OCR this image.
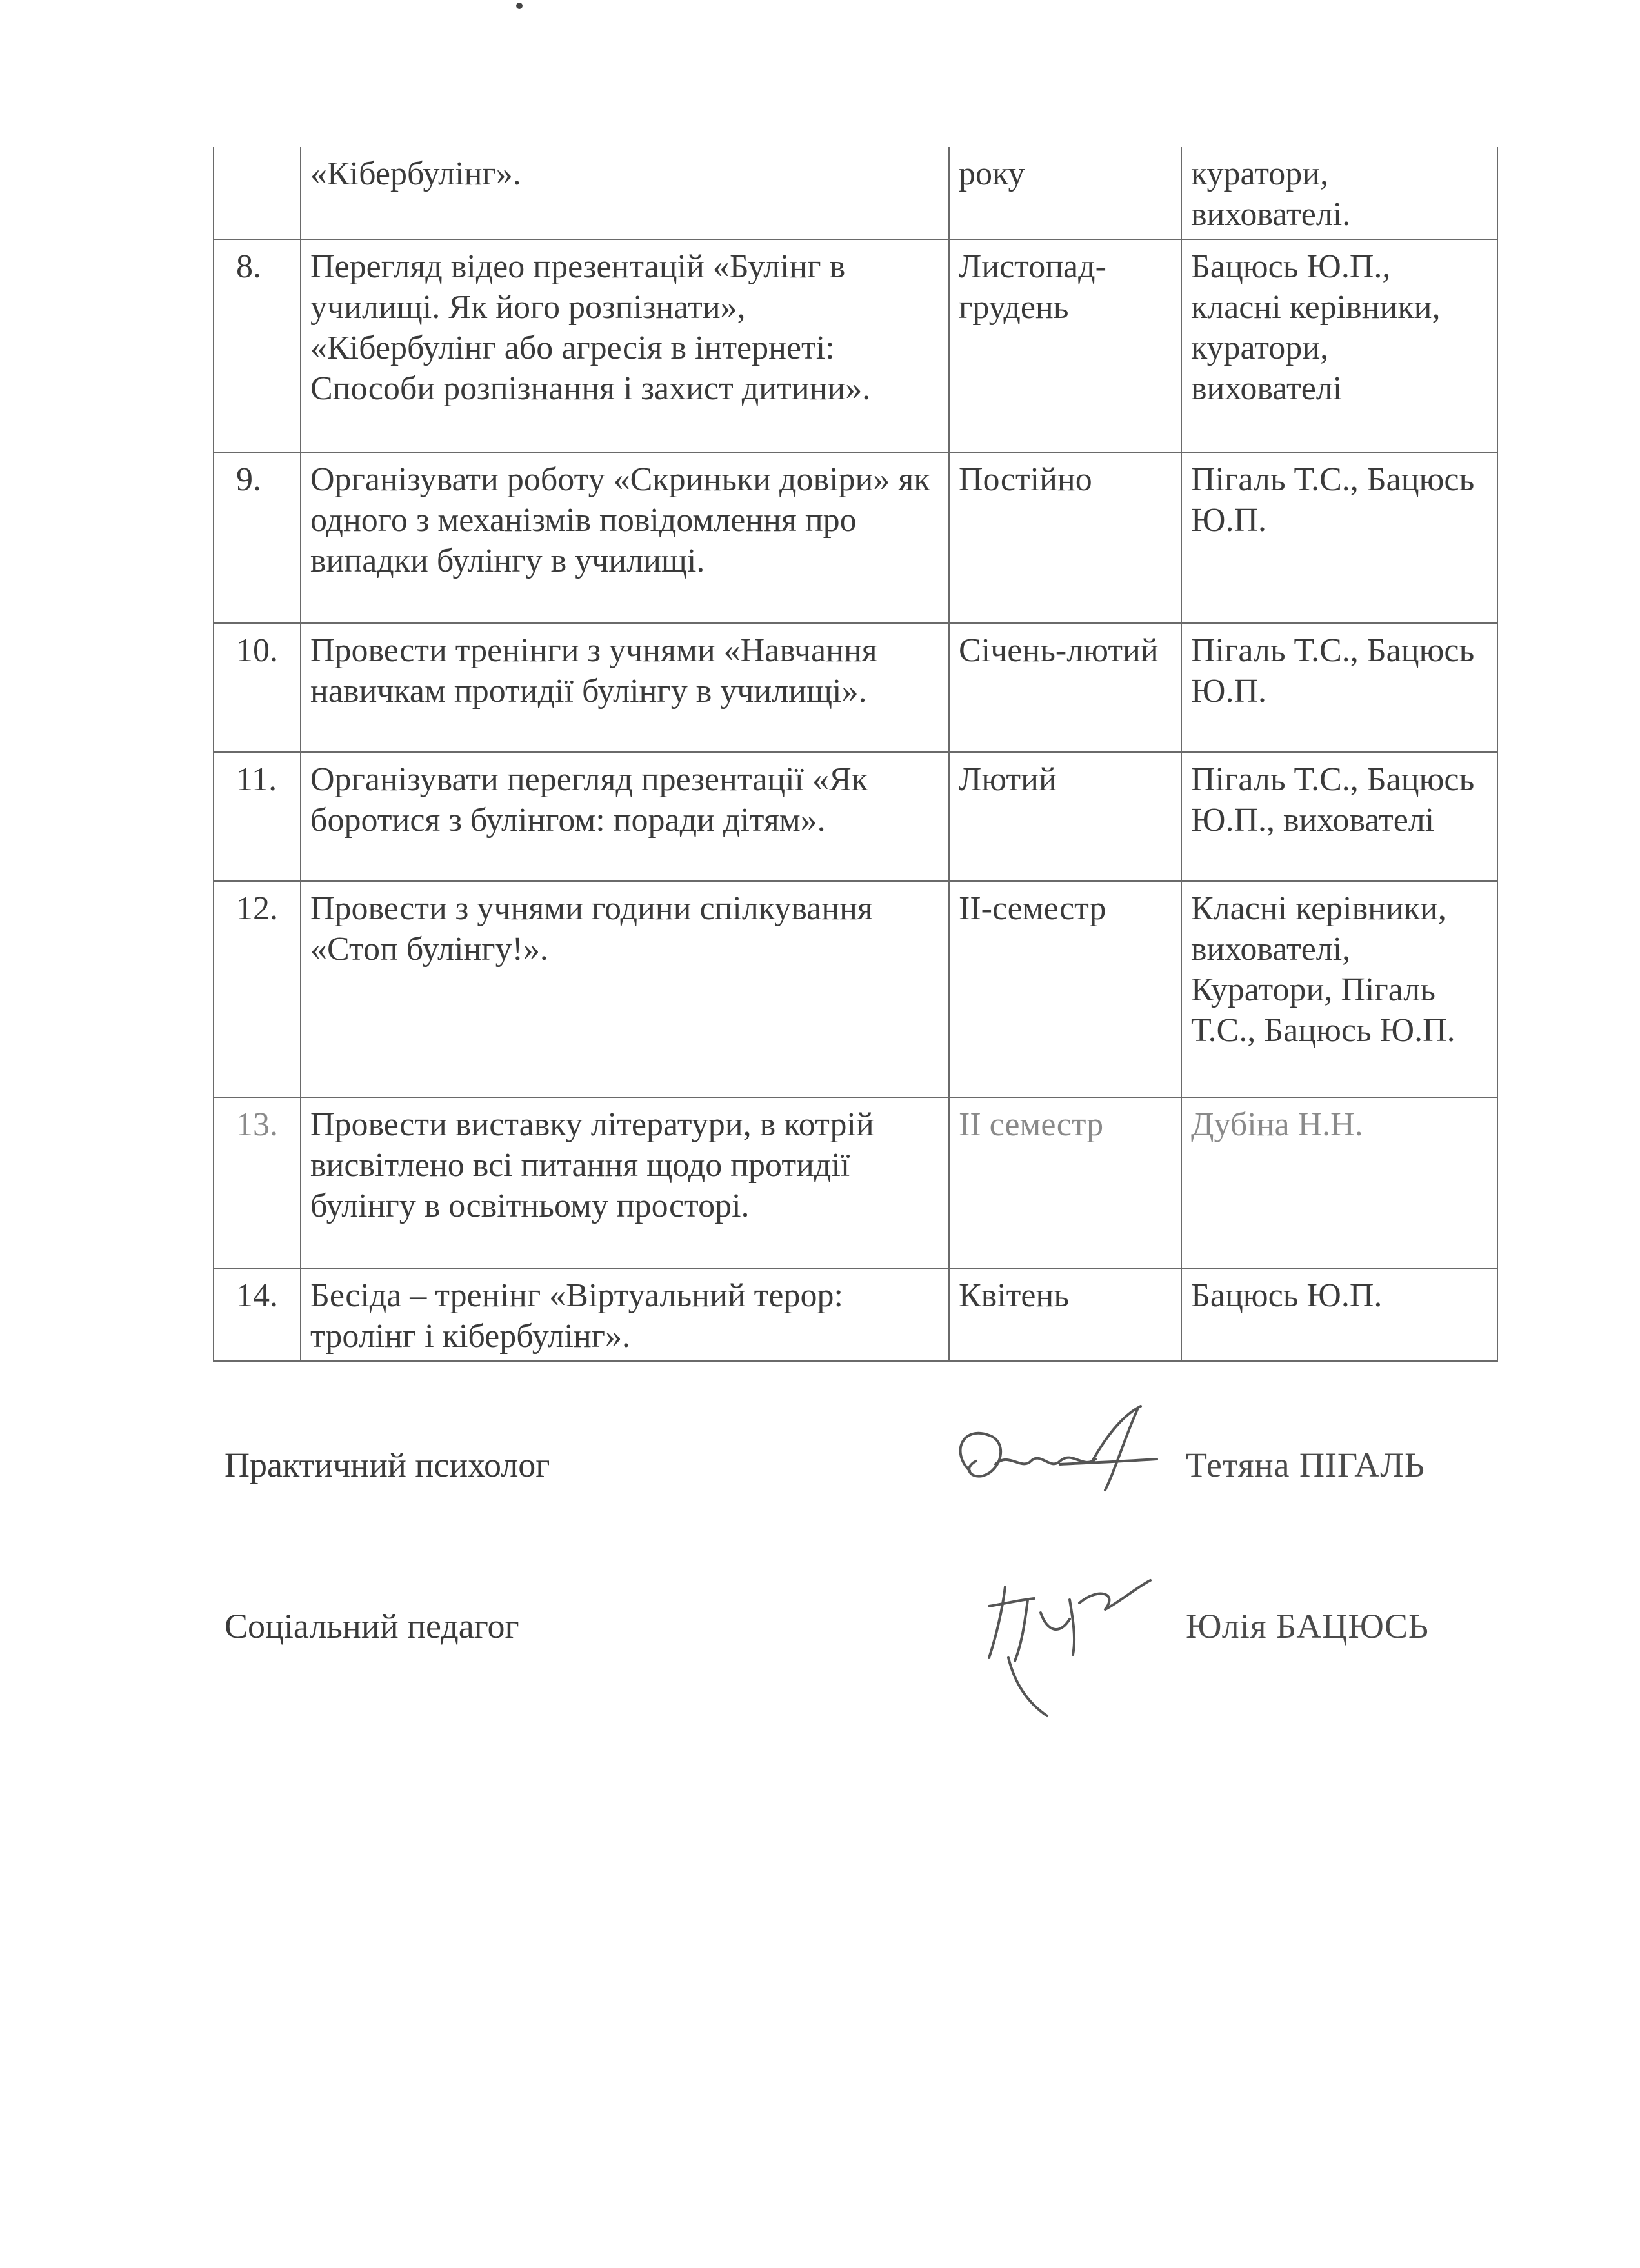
	«Кібербулінг».	року	куратори, вихователі.
8.	Перегляд відео презентацій «Булінг в училищі. Як його розпізнати», «Кібербулінг або агресія в інтернеті: Способи розпізнання і захист дитини».	Листопад-грудень	Бацюсь Ю.П., класні керівники, куратори, вихователі
9.	Організувати роботу «Скриньки довіри» як одного з механізмів повідомлення про випадки булінгу в училищі.	Постійно	Пігаль Т.С., Бацюсь Ю.П.
10.	Провести тренінги з учнями «Навчання навичкам протидії булінгу в училищі».	Січень-лютий	Пігаль Т.С., Бацюсь Ю.П.
11.	Організувати перегляд презентації «Як боротися з булінгом: поради дітям».	Лютий	Пігаль Т.С., Бацюсь Ю.П., вихователі
12.	Провести з учнями години спілкування «Стоп булінгу!».	ІІ-семестр	Класні керівники, вихователі, Куратори, Пігаль Т.С., Бацюсь Ю.П.
13.	Провести виставку літератури, в котрій висвітлено всі питання щодо протидії булінгу в освітньому просторі.	ІІ семестр	Дубіна Н.Н.
14.	Бесіда – тренінг «Віртуальний терор: тролінг і кібербулінг».	Квітень	Бацюсь Ю.П.
Практичний психолог	Тетяна ПІГАЛЬ
Соціальний педагог	Юлія БАЦЮСЬ
